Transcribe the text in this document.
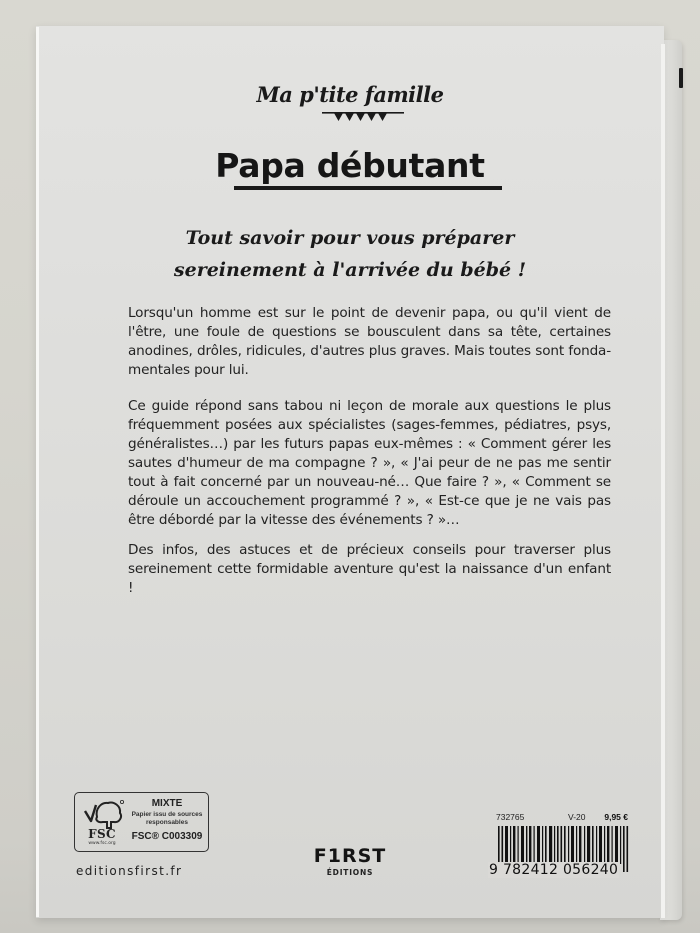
Ma p'tite famille
Papa débutant
Tout savoir pour vous préparer
sereinement à l'arrivée du bébé !

Lorsqu'un homme est sur le point de devenir papa, ou qu'il vient de l'être, une foule de questions se bousculent dans sa tête, certaines anodines, drôles, ridicules, d'autres plus graves. Mais toutes sont fonda-mentales pour lui.

Ce guide répond sans tabou ni leçon de morale aux questions le plus fréquemment posées aux spécialistes (sages-femmes, pédiatres, psys, généralistes…) par les futurs papas eux-mêmes : « Comment gérer les sautes d'humeur de ma compagne ? », « J'ai peur de ne pas me sentir tout à fait concerné par un nouveau-né… Que faire ? », « Comment se déroule un accouchement programmé ? », « Est-ce que je ne vais pas être débordé par la vitesse des événements ? »…

Des infos, des astuces et de précieux conseils pour traverser plus sereinement cette formidable aventure qu'est la naissance d'un enfant !

FSC
www.fsc.org
MIXTE
Papier issu de sources responsables
FSC® C003309
editionsfirst.fr
F1RST
ÉDITIONS
732765	V-20 9,95 €
9 782412 056240
